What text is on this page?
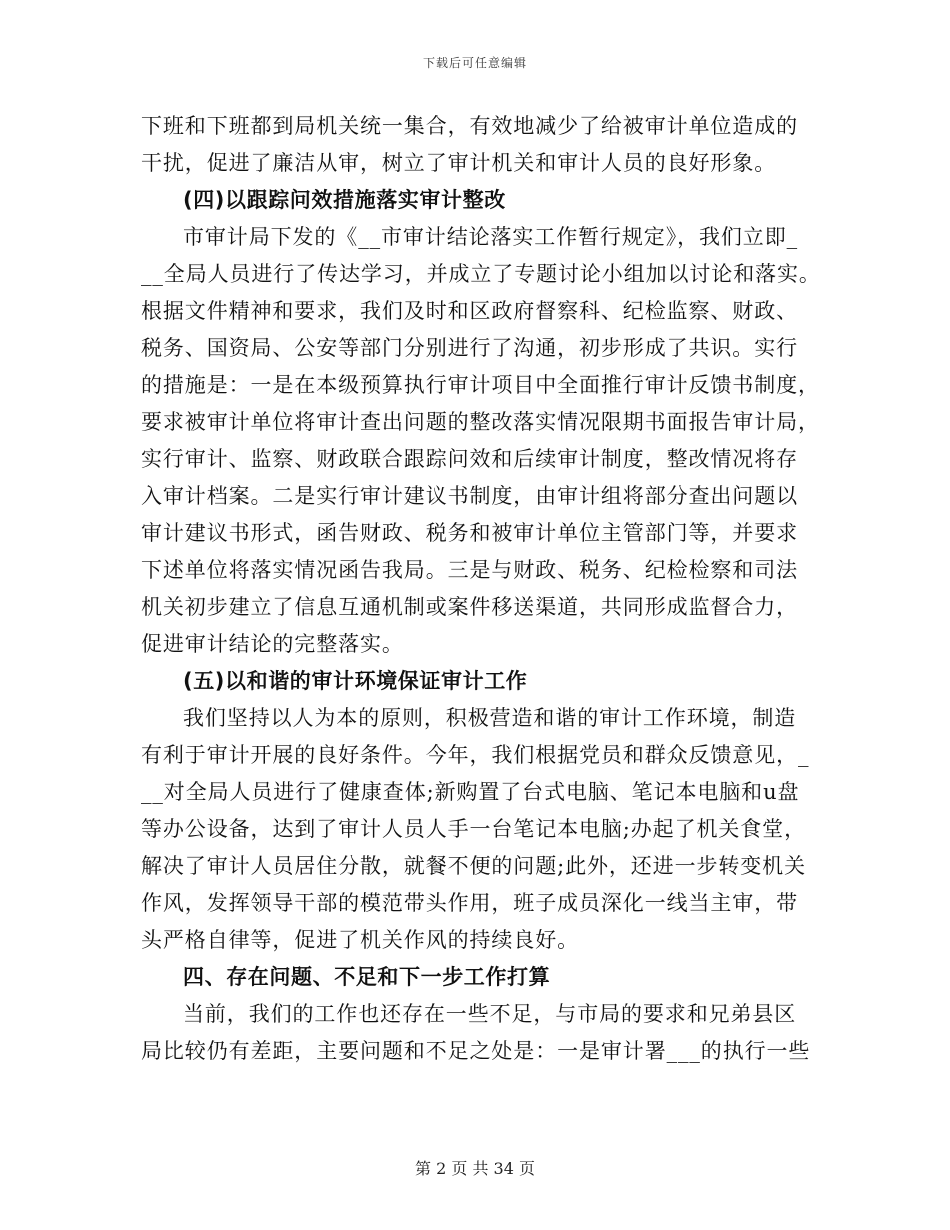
下载后可任意编辑
下班和下班都到局机关统一集合，有效地减少了给被审计单位造成的
干扰，促进了廉洁从审，树立了审计机关和审计人员的良好形象。
(四)以跟踪问效措施落实审计整改
市审计局下发的《__市审计结论落实工作暂行规定》，我们立即_
__全局人员进行了传达学习，并成立了专题讨论小组加以讨论和落实。
根据文件精神和要求，我们及时和区政府督察科、纪检监察、财政、
税务、国资局、公安等部门分别进行了沟通，初步形成了共识。实行
的措施是：一是在本级预算执行审计项目中全面推行审计反馈书制度，
要求被审计单位将审计查出问题的整改落实情况限期书面报告审计局，
实行审计、监察、财政联合跟踪问效和后续审计制度，整改情况将存
入审计档案。二是实行审计建议书制度，由审计组将部分查出问题以
审计建议书形式，函告财政、税务和被审计单位主管部门等，并要求
下述单位将落实情况函告我局。三是与财政、税务、纪检检察和司法
机关初步建立了信息互通机制或案件移送渠道，共同形成监督合力，
促进审计结论的完整落实。
(五)以和谐的审计环境保证审计工作
我们坚持以人为本的原则，积极营造和谐的审计工作环境，制造
有利于审计开展的良好条件。今年，我们根据党员和群众反馈意见，_
__对全局人员进行了健康查体;新购置了台式电脑、笔记本电脑和u盘
等办公设备，达到了审计人员人手一台笔记本电脑;办起了机关食堂，
解决了审计人员居住分散，就餐不便的问题;此外，还进一步转变机关
作风，发挥领导干部的模范带头作用，班子成员深化一线当主审，带
头严格自律等，促进了机关作风的持续良好。
四、存在问题、不足和下一步工作打算
当前，我们的工作也还存在一些不足，与市局的要求和兄弟县区
局比较仍有差距，主要问题和不足之处是：一是审计署___的执行一些
第 2 页 共 34 页
